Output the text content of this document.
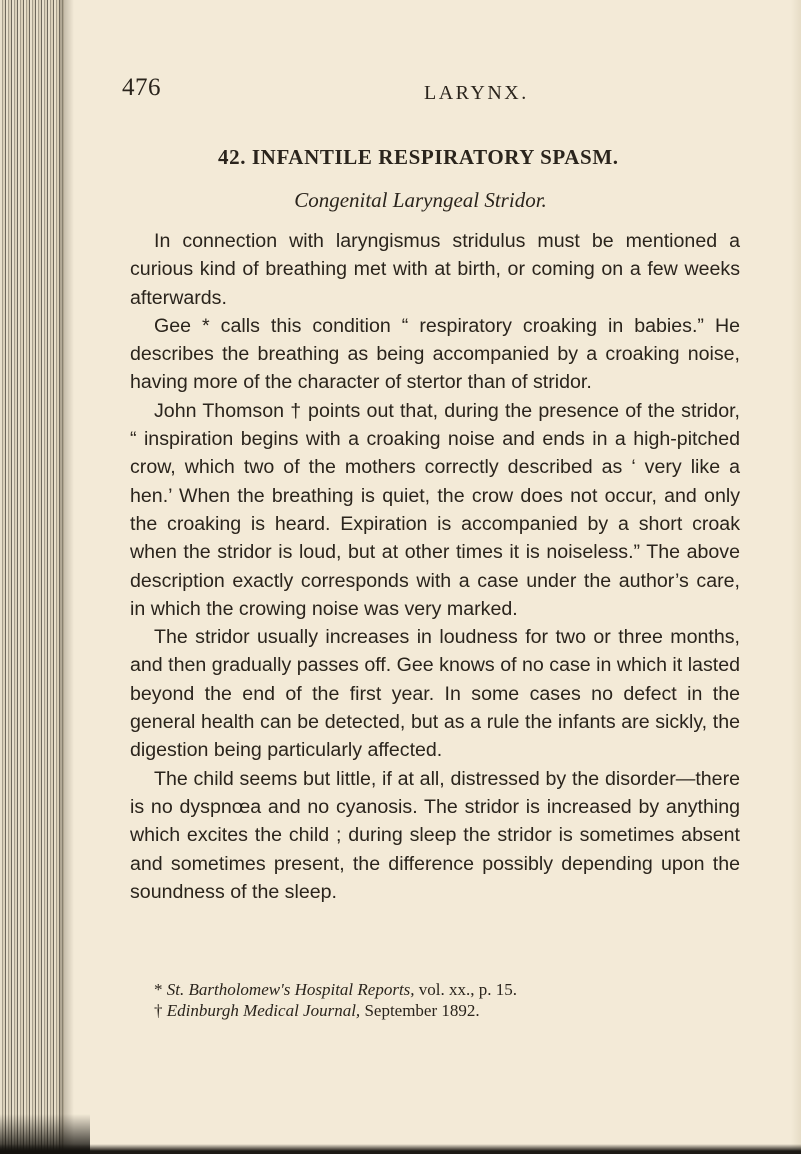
476	LARYNX.
42. INFANTILE RESPIRATORY SPASM.
Congenital Laryngeal Stridor.

In connection with laryngismus stridulus must be mentioned a curious kind of breathing met with at birth, or coming on a few weeks afterwards.

Gee * calls this condition “ respiratory croaking in babies.” He describes the breathing as being accompanied by a croaking noise, having more of the character of stertor than of stridor.

John Thomson † points out that, during the presence of the stridor, “ inspiration begins with a croaking noise and ends in a high-pitched crow, which two of the mothers correctly described as ‘ very like a hen.’ When the breathing is quiet, the crow does not occur, and only the croaking is heard. Expiration is accompanied by a short croak when the stridor is loud, but at other times it is noiseless.” The above description exactly corresponds with a case under the author’s care, in which the crowing noise was very marked.

The stridor usually increases in loudness for two or three months, and then gradually passes off. Gee knows of no case in which it lasted beyond the end of the first year. In some cases no defect in the general health can be detected, but as a rule the infants are sickly, the digestion being particularly affected.

The child seems but little, if at all, distressed by the disorder—there is no dyspnœa and no cyanosis. The stridor is increased by anything which excites the child ; during sleep the stridor is sometimes absent and sometimes present, the difference possibly depending upon the soundness of the sleep.

* St. Bartholomew's Hospital Reports, vol. xx., p. 15.

† Edinburgh Medical Journal, September 1892.
